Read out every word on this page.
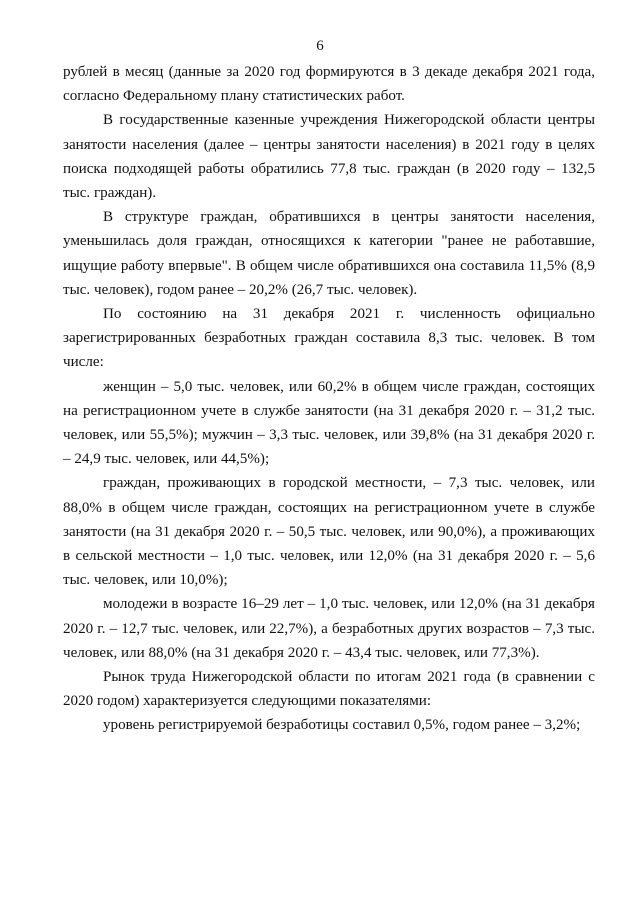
6

рублей в месяц (данные за 2020 год формируются в 3 декаде декабря 2021 года, согласно Федеральному плану статистических работ.

В государственные казенные учреждения Нижегородской области центры занятости населения (далее – центры занятости населения) в 2021 году в целях поиска подходящей работы обратились 77,8 тыс. граждан (в 2020 году – 132,5 тыс. граждан).

В структуре граждан, обратившихся в центры занятости населения, уменьшилась доля граждан, относящихся к категории "ранее не работавшие, ищущие работу впервые". В общем числе обратившихся она составила 11,5% (8,9 тыс. человек), годом ранее – 20,2% (26,7 тыс. человек).

По состоянию на 31 декабря 2021 г. численность официально зарегистрированных безработных граждан составила 8,3 тыс. человек. В том числе:

женщин – 5,0 тыс. человек, или 60,2% в общем числе граждан, состоящих на регистрационном учете в службе занятости (на 31 декабря 2020 г. – 31,2 тыс. человек, или 55,5%); мужчин – 3,3 тыс. человек, или 39,8% (на 31 декабря 2020 г. – 24,9 тыс. человек, или 44,5%);

граждан, проживающих в городской местности, – 7,3 тыс. человек, или 88,0% в общем числе граждан, состоящих на регистрационном учете в службе занятости (на 31 декабря 2020 г. – 50,5 тыс. человек, или 90,0%), а проживающих в сельской местности – 1,0 тыс. человек, или 12,0% (на 31 декабря 2020 г. – 5,6 тыс. человек, или 10,0%);

молодежи в возрасте 16–29 лет – 1,0 тыс. человек, или 12,0% (на 31 декабря 2020 г. – 12,7 тыс. человек, или 22,7%), а безработных других возрастов – 7,3 тыс. человек, или 88,0% (на 31 декабря 2020 г. – 43,4 тыс. человек, или 77,3%).

Рынок труда Нижегородской области по итогам 2021 года (в сравнении с 2020 годом) характеризуется следующими показателями:

уровень регистрируемой безработицы составил 0,5%, годом ранее – 3,2%;
